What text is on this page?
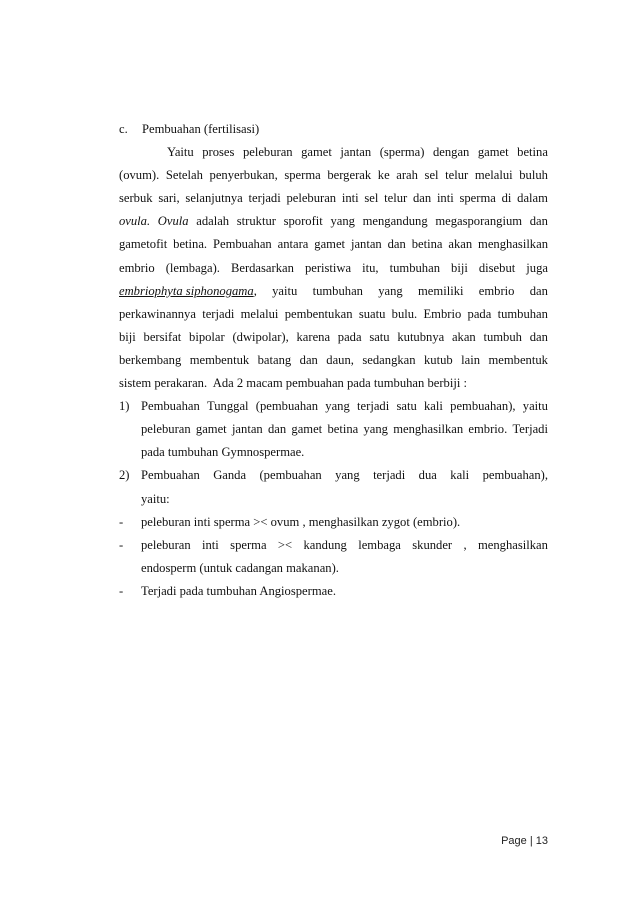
c.	Pembuahan (fertilisasi)
Yaitu proses peleburan gamet jantan (sperma) dengan gamet betina
(ovum). Setelah penyerbukan, sperma bergerak ke arah sel telur melalui buluh
serbuk sari, selanjutnya terjadi peleburan inti sel telur dan inti sperma di dalam
ovula. Ovula adalah struktur sporofit yang mengandung megasporangium dan
gametofit betina. Pembuahan antara gamet jantan dan betina akan menghasilkan
embrio (lembaga). Berdasarkan peristiwa itu, tumbuhan biji disebut juga
embriophyta siphonogama, yaitu tumbuhan yang memiliki embrio dan
perkawinannya terjadi melalui pembentukan suatu bulu. Embrio pada tumbuhan
biji bersifat bipolar (dwipolar), karena pada satu kutubnya akan tumbuh dan
berkembang membentuk batang dan daun, sedangkan kutub lain membentuk
sistem perakaran.  Ada 2 macam pembuahan pada tumbuhan berbiji :
1) Pembuahan Tunggal (pembuahan yang terjadi satu kali pembuahan), yaitu
peleburan gamet jantan dan gamet betina yang menghasilkan embrio. Terjadi
pada tumbuhan Gymnospermae.
2) Pembuahan Ganda (pembuahan yang terjadi dua kali pembuahan),
yaitu:
-	peleburan inti sperma >< ovum , menghasilkan zygot (embrio).
-	peleburan inti sperma >< kandung lembaga skunder , menghasilkan
endosperm (untuk cadangan makanan).
-	Terjadi pada tumbuhan Angiospermae.
Page | 13
